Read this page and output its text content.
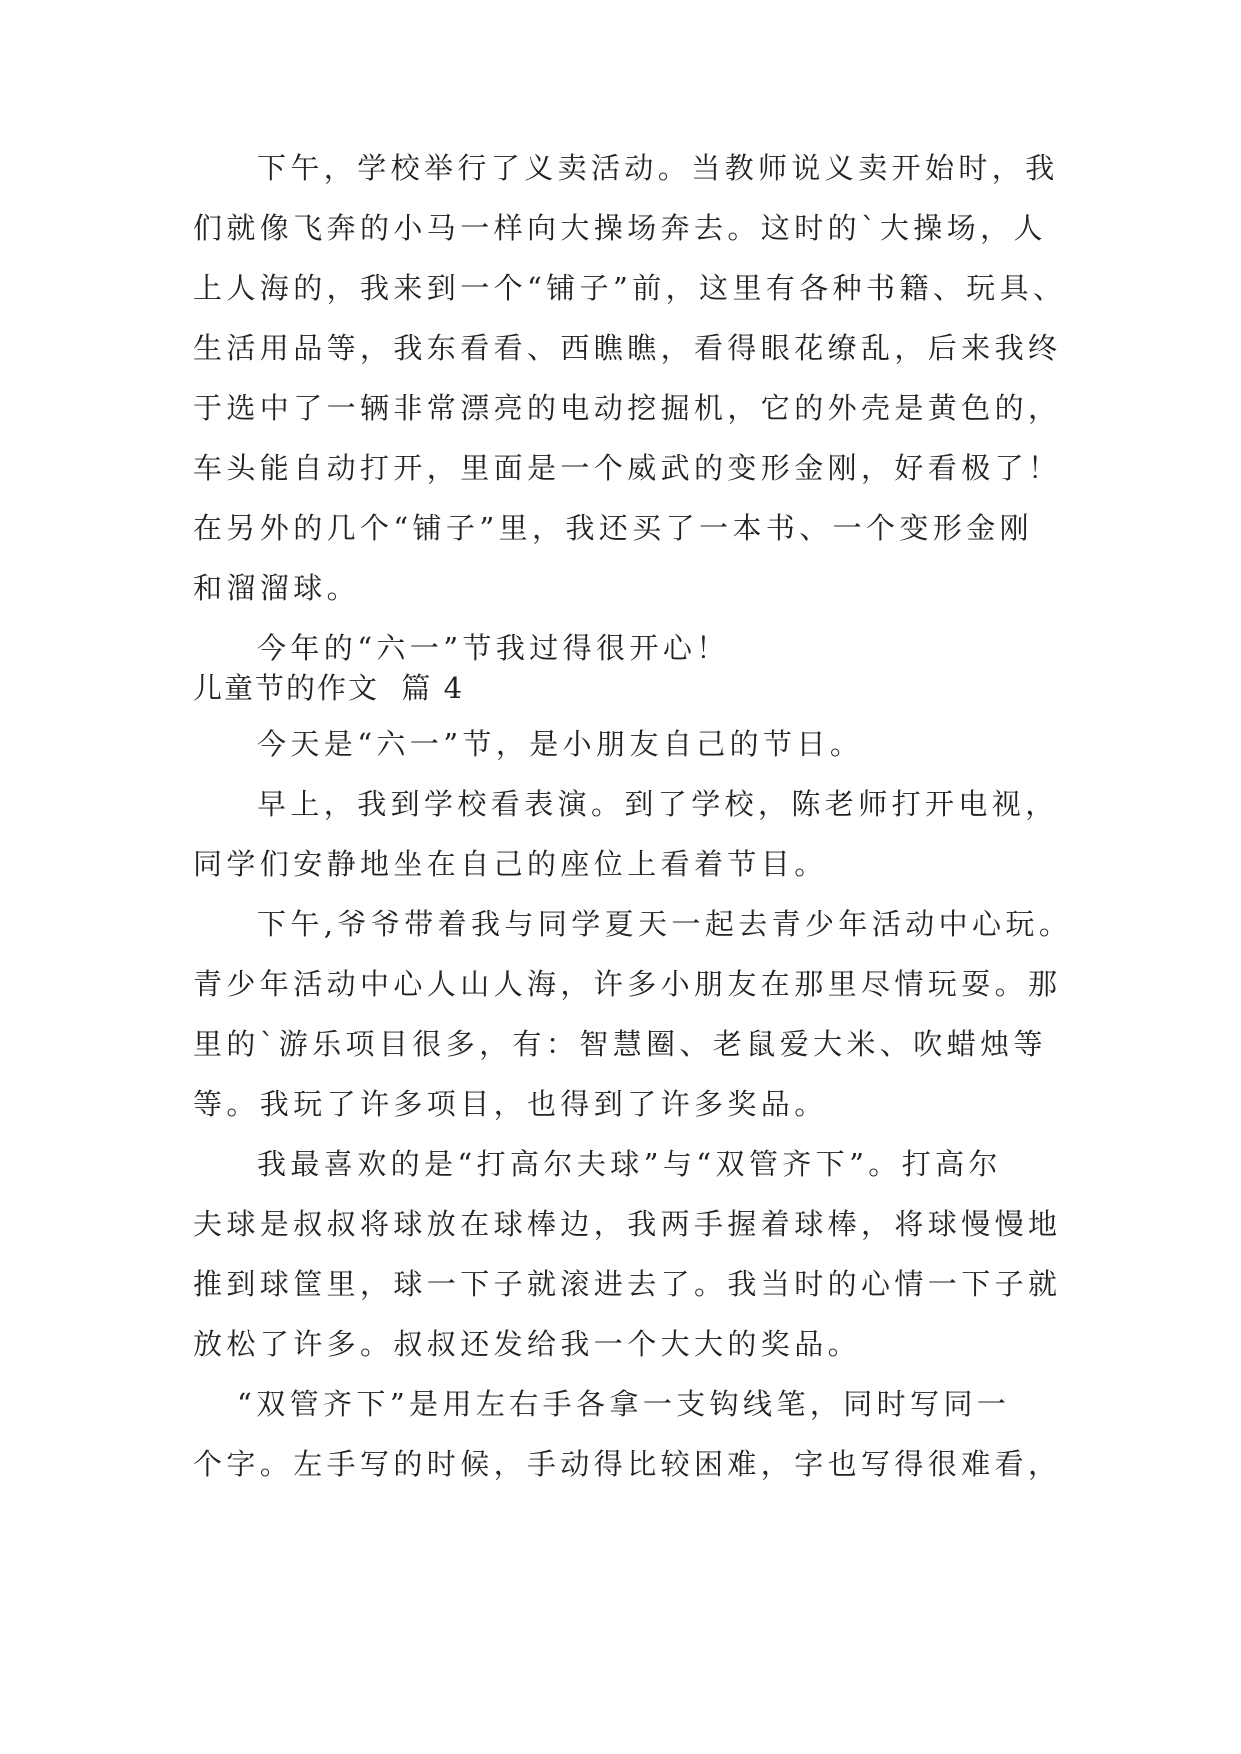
下午，学校举行了义卖活动。当教师说义卖开始时，我
们就像飞奔的小马一样向大操场奔去。这时的`大操场，人
上人海的，我来到一个“铺子”前，这里有各种书籍、玩具、
生活用品等，我东看看、西瞧瞧，看得眼花缭乱，后来我终
于选中了一辆非常漂亮的电动挖掘机，它的外壳是黄色的，
车头能自动打开，里面是一个威武的变形金刚，好看极了！
在另外的几个“铺子”里，我还买了一本书、一个变形金刚
和溜溜球。
今年的“六一”节我过得很开心！
儿童节的作文  篇 4
今天是“六一”节，是小朋友自己的节日。
早上，我到学校看表演。到了学校，陈老师打开电视，
同学们安静地坐在自己的座位上看着节目。
下午,爷爷带着我与同学夏天一起去青少年活动中心玩。
青少年活动中心人山人海，许多小朋友在那里尽情玩耍。那
里的`游乐项目很多，有：智慧圈、老鼠爱大米、吹蜡烛等
等。我玩了许多项目，也得到了许多奖品。
我最喜欢的是“打高尔夫球”与“双管齐下”。打高尔
夫球是叔叔将球放在球棒边，我两手握着球棒，将球慢慢地
推到球筐里，球一下子就滚进去了。我当时的心情一下子就
放松了许多。叔叔还发给我一个大大的奖品。
“双管齐下”是用左右手各拿一支钩线笔，同时写同一
个字。左手写的时候，手动得比较困难，字也写得很难看，
